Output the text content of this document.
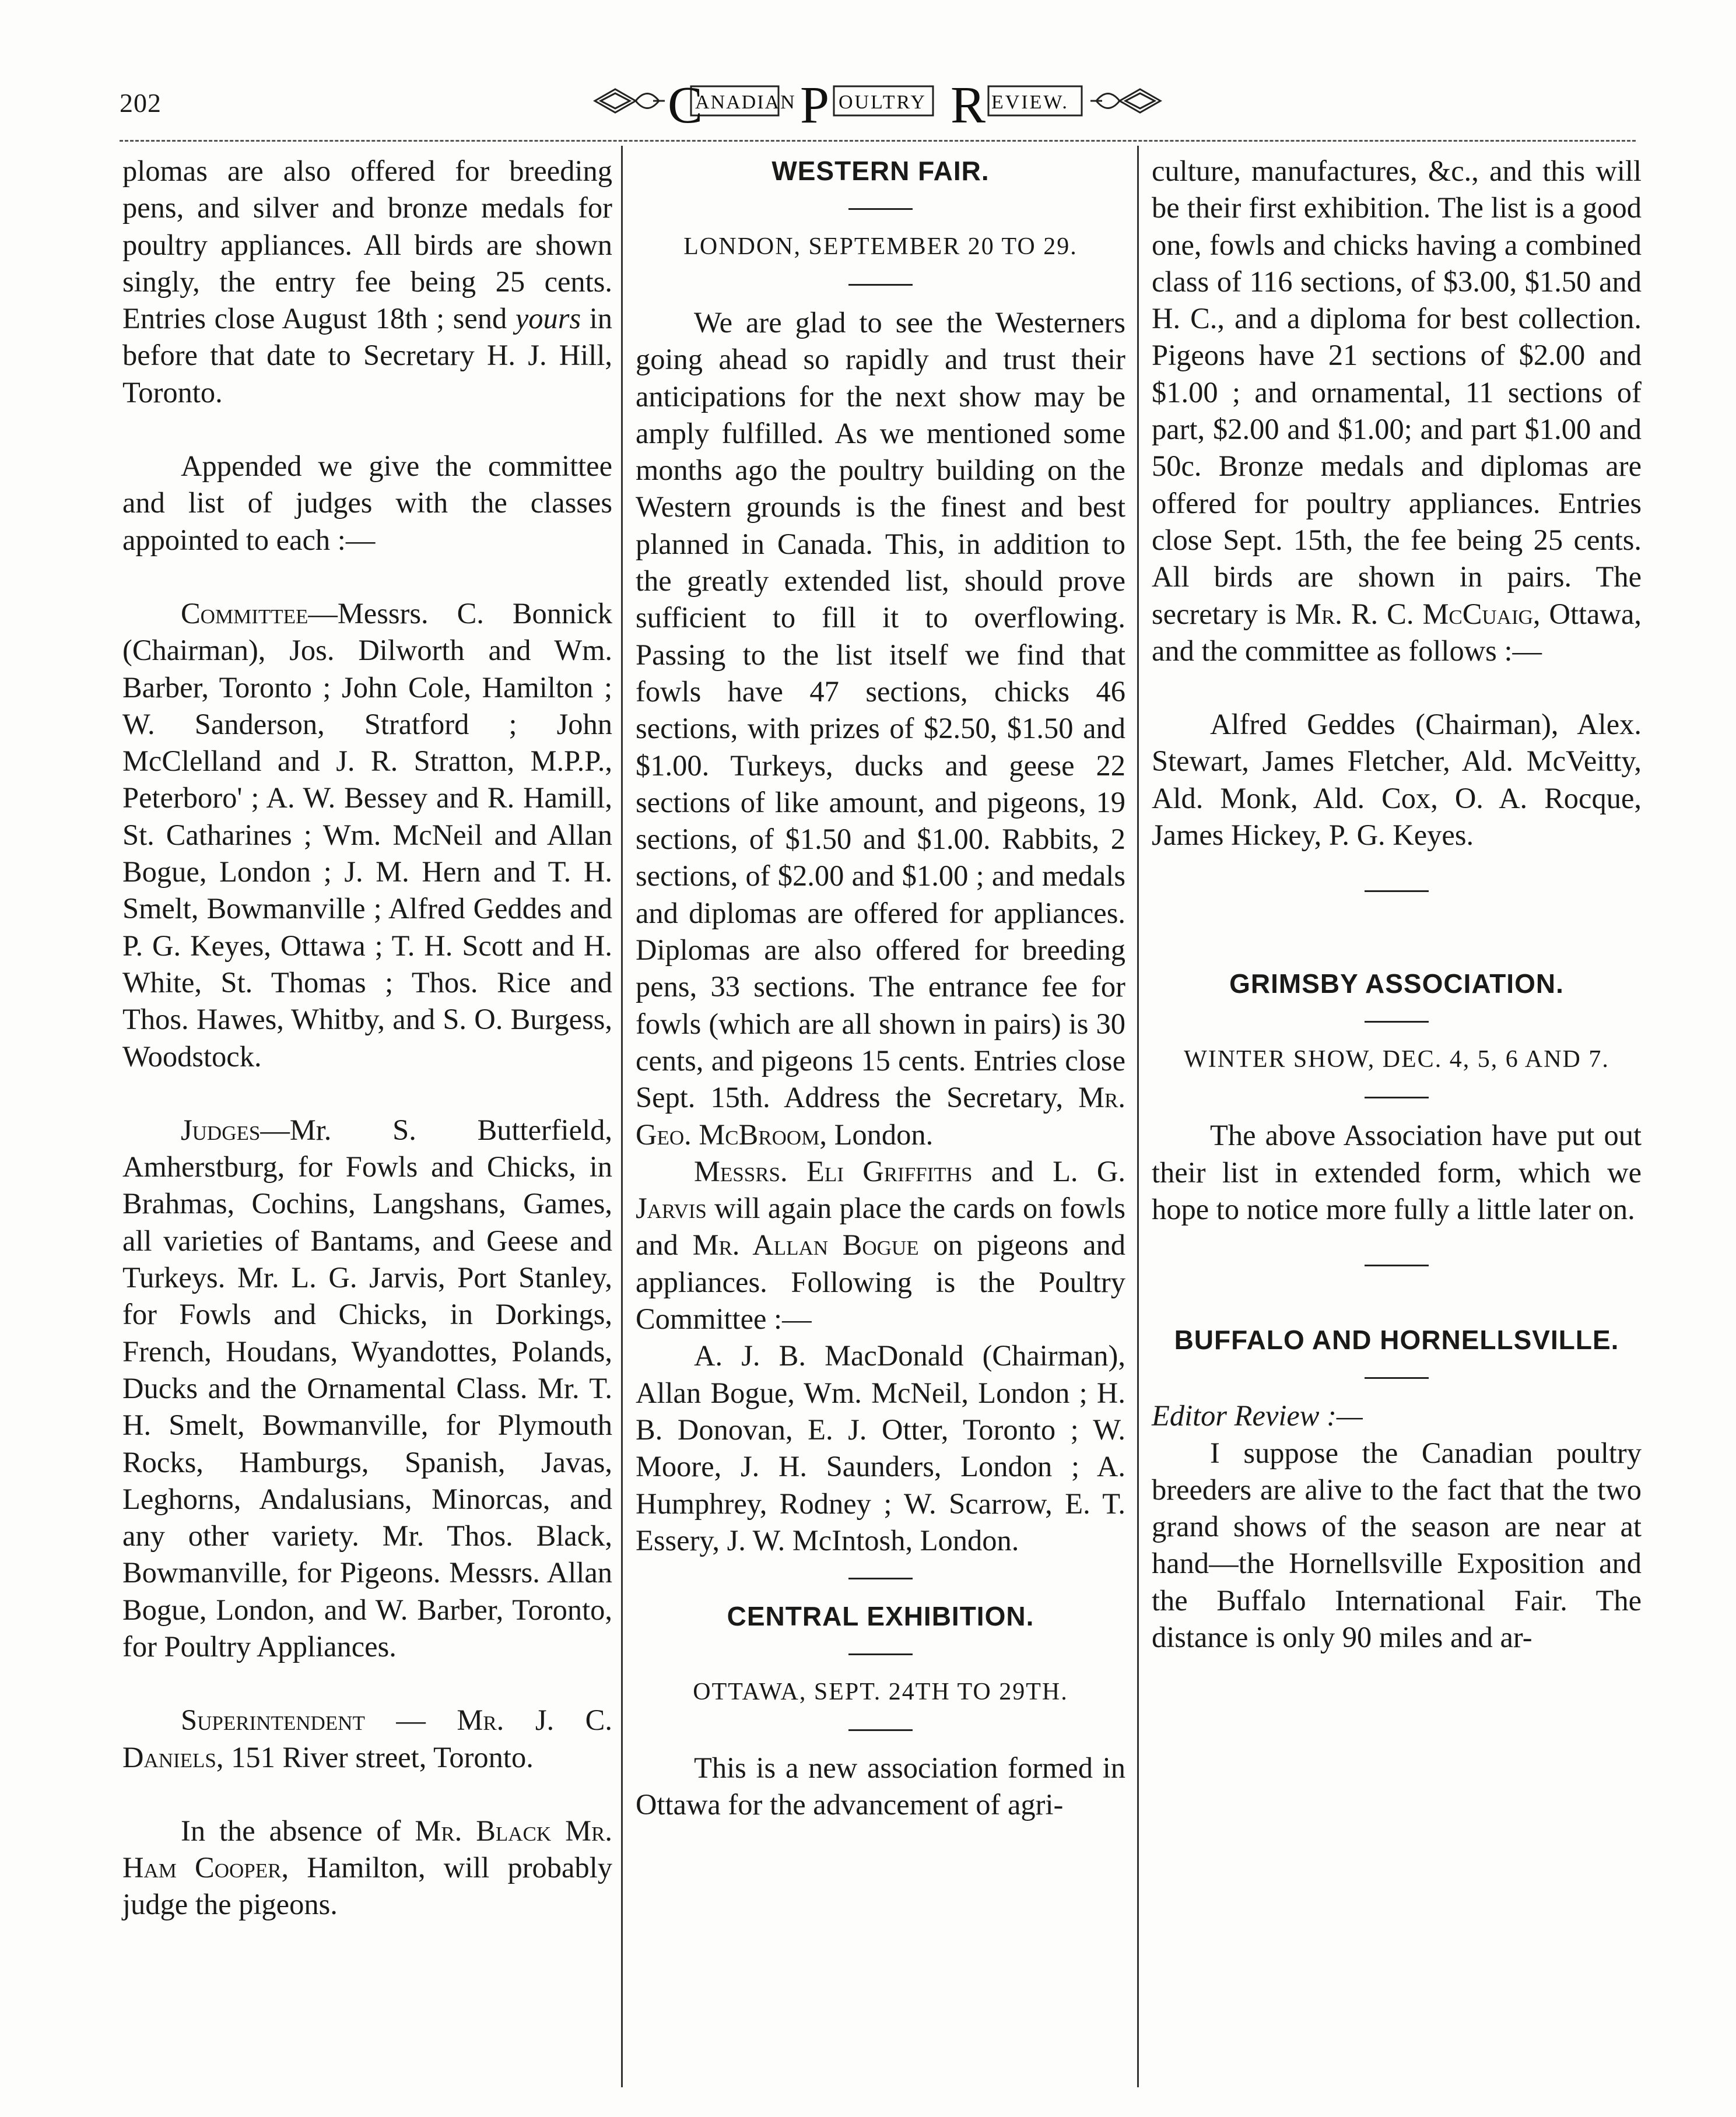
202	C
ANADIAN P OULTRY R EVIEW.

plomas are also offered for breeding pens, and silver and bronze medals for poultry appliances. All birds are shown singly, the entry fee being 25 cents. Entries close August 18th ; send yours in before that date to Secretary H. J. Hill, Toronto.

Appended we give the committee and list of judges with the classes appointed to each :—

Committee—Messrs. C. Bonnick (Chairman), Jos. Dilworth and Wm. Barber, Toronto ; John Cole, Hamilton ; W. Sanderson, Stratford ; John McClelland and J. R. Stratton, M.P.P., Peterboro' ; A. W. Bessey and R. Hamill, St. Catharines ; Wm. McNeil and Allan Bogue, London ; J. M. Hern and T. H. Smelt, Bowmanville ; Alfred Geddes and P. G. Keyes, Ottawa ; T. H. Scott and H. White, St. Thomas ; Thos. Rice and Thos. Hawes, Whitby, and S. O. Burgess, Woodstock.

Judges—Mr. S. Butterfield, Amherstburg, for Fowls and Chicks, in Brahmas, Cochins, Langshans, Games, all varieties of Bantams, and Geese and Turkeys. Mr. L. G. Jarvis, Port Stanley, for Fowls and Chicks, in Dorkings, French, Houdans, Wyandottes, Polands, Ducks and the Ornamental Class. Mr. T. H. Smelt, Bowmanville, for Plymouth Rocks, Hamburgs, Spanish, Javas, Leghorns, Andalusians, Minorcas, and any other variety. Mr. Thos. Black, Bowmanville, for Pigeons. Messrs. Allan Bogue, London, and W. Barber, Toronto, for Poultry Appliances.

Superintendent — Mr. J. C. Daniels, 151 River street, Toronto.

In the absence of Mr. Black Mr. Ham Cooper, Hamilton, will probably judge the pigeons.

WESTERN FAIR.
LONDON, SEPTEMBER 20 TO 29.

We are glad to see the Westerners going ahead so rapidly and trust their anticipations for the next show may be amply fulfilled. As we mentioned some months ago the poultry building on the Western grounds is the finest and best planned in Canada. This, in addition to the greatly extended list, should prove sufficient to fill it to overflowing. Passing to the list itself we find that fowls have 47 sections, chicks 46 sections, with prizes of $2.50, $1.50 and $1.00. Turkeys, ducks and geese 22 sections of like amount, and pigeons, 19 sections, of $1.50 and $1.00. Rabbits, 2 sections, of $2.00 and $1.00 ; and medals and diplomas are offered for appliances. Diplomas are also offered for breeding pens, 33 sections. The entrance fee for fowls (which are all shown in pairs) is 30 cents, and pigeons 15 cents. Entries close Sept. 15th. Address the Secretary, Mr. Geo. McBroom, London.

Messrs. Eli Griffiths and L. G. Jarvis will again place the cards on fowls and Mr. Allan Bogue on pigeons and appliances. Following is the Poultry Committee :—

A. J. B. MacDonald (Chairman), Allan Bogue, Wm. McNeil, London ; H. B. Donovan, E. J. Otter, Toronto ; W. Moore, J. H. Saunders, London ; A. Humphrey, Rodney ; W. Scarrow, E. T. Essery, J. W. McIntosh, London.

CENTRAL EXHIBITION.
OTTAWA, SEPT. 24TH TO 29TH.

This is a new association formed in Ottawa for the advancement of agri-

culture, manufactures, &c., and this will be their first exhibition. The list is a good one, fowls and chicks having a combined class of 116 sections, of $3.00, $1.50 and H. C., and a diploma for best collection. Pigeons have 21 sections of $2.00 and $1.00 ; and ornamental, 11 sections of part, $2.00 and $1.00; and part $1.00 and 50c. Bronze medals and diplomas are offered for poultry appliances. Entries close Sept. 15th, the fee being 25 cents. All birds are shown in pairs. The secretary is Mr. R. C. McCuaig, Ottawa, and the committee as follows :—

Alfred Geddes (Chairman), Alex. Stewart, James Fletcher, Ald. McVeitty, Ald. Monk, Ald. Cox, O. A. Rocque, James Hickey, P. G. Keyes.

GRIMSBY ASSOCIATION.
WINTER SHOW, DEC. 4, 5, 6 AND 7.

The above Association have put out their list in extended form, which we hope to notice more fully a little later on.

BUFFALO AND HORNELLSVILLE.

Editor Review :—

I suppose the Canadian poultry breeders are alive to the fact that the two grand shows of the season are near at hand—the Hornellsville Exposition and the Buffalo International Fair. The distance is only 90 miles and ar-
